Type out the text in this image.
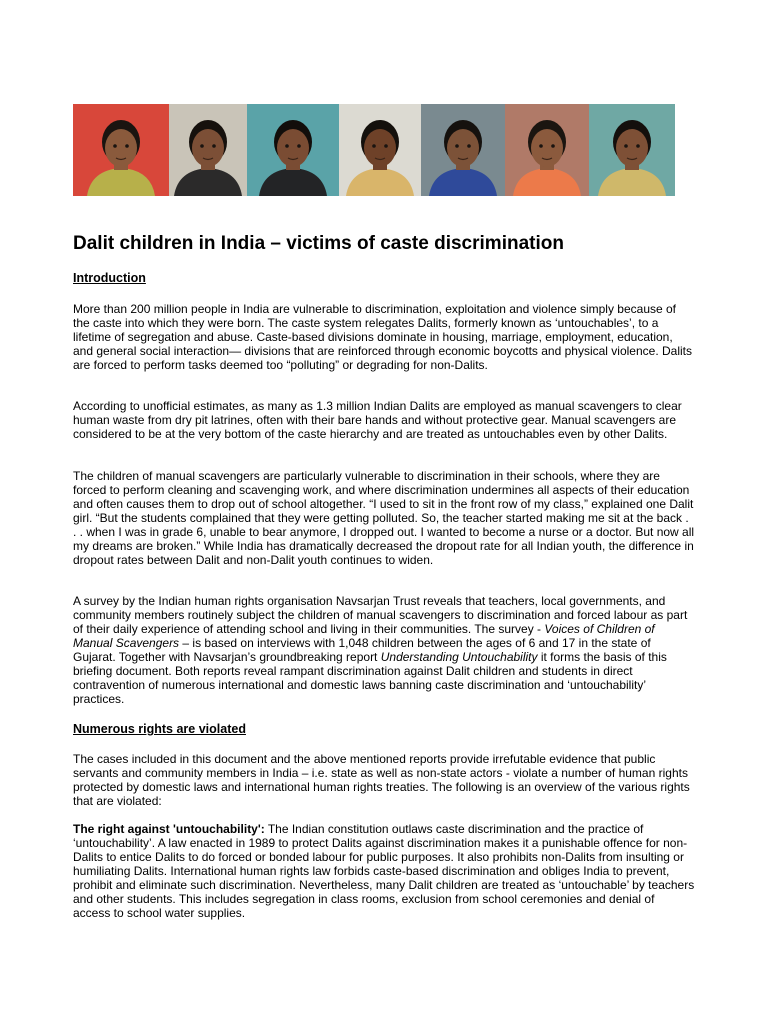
Dalit children in India – victims of caste discrimination
Introduction

More than 200 million people in India are vulnerable to discrimination, exploitation and violence simply because of the caste into which they were born. The caste system relegates Dalits, formerly known as ‘untouchables’, to a lifetime of segregation and abuse. Caste-based divisions dominate in housing, marriage, employment, education, and general social interaction— divisions that are reinforced through economic boycotts and physical violence. Dalits are forced to perform tasks deemed too “polluting” or degrading for non-Dalits.

According to unofficial estimates, as many as 1.3 million Indian Dalits are employed as manual scavengers to clear human waste from dry pit latrines, often with their bare hands and without protective gear. Manual scavengers are considered to be at the very bottom of the caste hierarchy and are treated as untouchables even by other Dalits.

The children of manual scavengers are particularly vulnerable to discrimination in their schools, where they are forced to perform cleaning and scavenging work, and where discrimination undermines all aspects of their education and often causes them to drop out of school altogether. “I used to sit in the front row of my class,” explained one Dalit girl. “But the students complained that they were getting polluted. So, the teacher started making me sit at the back . . . when I was in grade 6, unable to bear anymore, I dropped out. I wanted to become a nurse or a doctor. But now all my dreams are broken.” While India has dramatically decreased the dropout rate for all Indian youth, the difference in dropout rates between Dalit and non-Dalit youth continues to widen.

A survey by the Indian human rights organisation Navsarjan Trust reveals that teachers, local governments, and community members routinely subject the children of manual scavengers to discrimination and forced labour as part of their daily experience of attending school and living in their communities. The survey - Voices of Children of Manual Scavengers – is based on interviews with 1,048 children between the ages of 6 and 17 in the state of Gujarat. Together with Navsarjan’s groundbreaking report Understanding Untouchability it forms the basis of this briefing document. Both reports reveal rampant discrimination against Dalit children and students in direct contravention of numerous international and domestic laws banning caste discrimination and ‘untouchability’ practices.

Numerous rights are violated

The cases included in this document and the above mentioned reports provide irrefutable evidence that public servants and community members in India – i.e. state as well as non-state actors - violate a number of human rights protected by domestic laws and international human rights treaties. The following is an overview of the various rights that are violated:

The right against 'untouchability': The Indian constitution outlaws caste discrimination and the practice of ‘untouchability’. A law enacted in 1989 to protect Dalits against discrimination makes it a punishable offence for non-Dalits to entice Dalits to do forced or bonded labour for public purposes. It also prohibits non-Dalits from insulting or humiliating Dalits. International human rights law forbids caste-based discrimination and obliges India to prevent, prohibit and eliminate such discrimination. Nevertheless, many Dalit children are treated as ‘untouchable’ by teachers and other students. This includes segregation in class rooms, exclusion from school ceremonies and denial of access to school water supplies.
